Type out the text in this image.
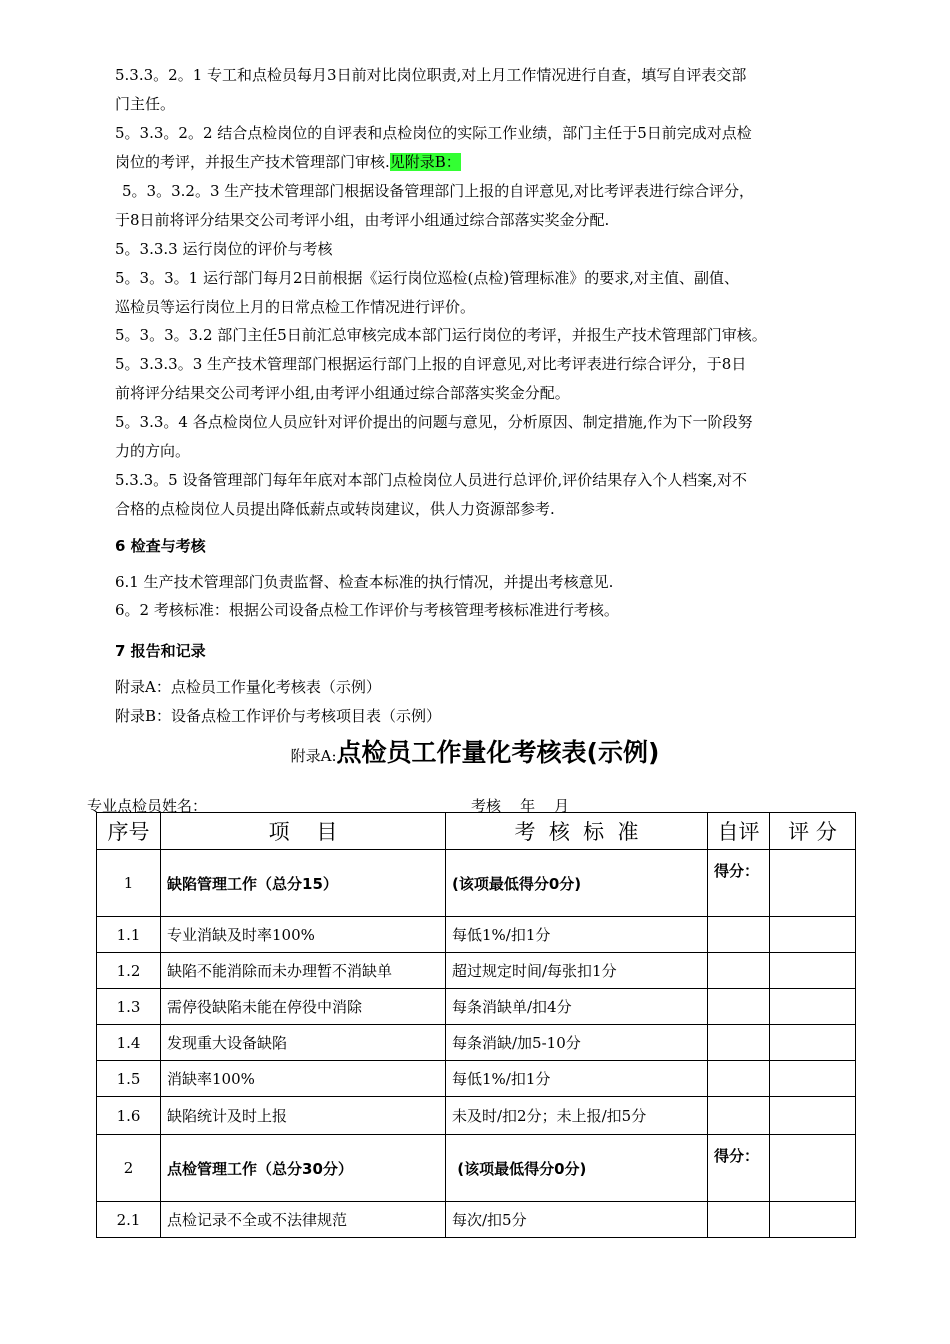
5.3.3。2。1 专工和点检员每月3日前对比岗位职责,对上月工作情况进行自查，填写自评表交部
门主任。
5。3.3。2。2 结合点检岗位的自评表和点检岗位的实际工作业绩，部门主任于5日前完成对点检
岗位的考评，并报生产技术管理部门审核.见附录B：
5。3。3.2。3 生产技术管理部门根据设备管理部门上报的自评意见,对比考评表进行综合评分，
于8日前将评分结果交公司考评小组，由考评小组通过综合部落实奖金分配.
5。3.3.3 运行岗位的评价与考核
5。3。3。1 运行部门每月2日前根据《运行岗位巡检(点检)管理标准》的要求,对主值、副值、
巡检员等运行岗位上月的日常点检工作情况进行评价。
5。3。3。3.2 部门主任5日前汇总审核完成本部门运行岗位的考评，并报生产技术管理部门审核。
5。3.3.3。3 生产技术管理部门根据运行部门上报的自评意见,对比考评表进行综合评分，于8日
前将评分结果交公司考评小组,由考评小组通过综合部落实奖金分配。
5。3.3。4 各点检岗位人员应针对评价提出的问题与意见，分析原因、制定措施,作为下一阶段努
力的方向。
5.3.3。5 设备管理部门每年年底对本部门点检岗位人员进行总评价,评价结果存入个人档案,对不
合格的点检岗位人员提出降低薪点或转岗建议，供人力资源部参考.
6 检查与考核
6.1 生产技术管理部门负责监督、检查本标准的执行情况，并提出考核意见.
6。2 考核标准：根据公司设备点检工作评价与考核管理考核标准进行考核。
7 报告和记录
附录A：点检员工作量化考核表（示例）
附录B：设备点检工作评价与考核项目表（示例）
附录A:点检员工作量化考核表(示例)
专业点检员姓名：	考核    年    月
序号	项    目	考  核  标  准	自评	评 分
1	缺陷管理工作（总分15）	(该项最低得分0分)	得分：	
1.1	专业消缺及时率100%	每低1%/扣1分		
1.2	缺陷不能消除而未办理暂不消缺单	超过规定时间/每张扣1分		
1.3	需停役缺陷未能在停役中消除	每条消缺单/扣4分		
1.4	发现重大设备缺陷	每条消缺/加5-10分		
1.5	消缺率100%	每低1%/扣1分		
1.6	缺陷统计及时上报	未及时/扣2分；未上报/扣5分		
2	点检管理工作（总分30分）	(该项最低得分0分)	得分：	
2.1	点检记录不全或不法律规范	每次/扣5分		
